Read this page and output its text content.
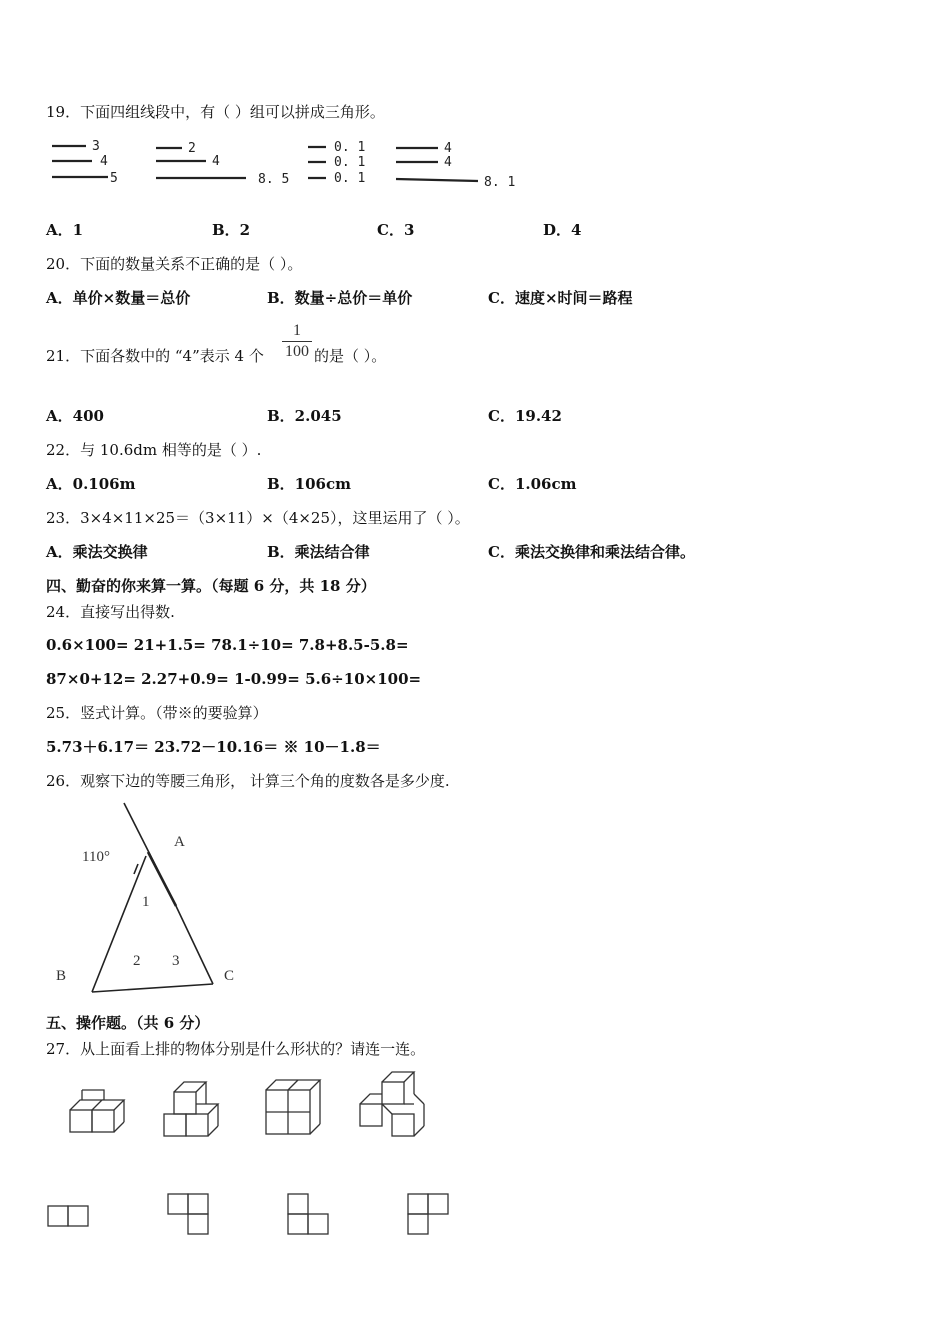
19．下面四组线段中，有（ ）组可以拼成三角形。
3
4
5
2
4
8. 5
0. 1
0. 1
0. 1
4
4
8. 1
A．1	B．2	C．3	D．4
20．下面的数量关系不正确的是（ ）。
A．单价×数量＝总价	B．数量÷总价＝单价	C．速度×时间＝路程
21．下面各数中的 “4”表示 4 个
1
100 的是（ ）。
A．400	B．2.045	C．19.42
22．与 10.6dm 相等的是（ ）.
A．0.106m	B．106cm	C．1.06cm
23．3×4×11×25＝（3×11）×（4×25），这里运用了（ ）。
A．乘法交换律	B．乘法结合律	C．乘法交换律和乘法结合律。
四、勤奋的你来算一算。（每题 6 分，共 18 分）
24．直接写出得数.
0.6×100= 21+1.5= 78.1÷10= 7.8+8.5-5.8=
87×0+12= 2.27+0.9= 1-0.99= 5.6÷10×100=
25．竖式计算。（带※的要验算）
5.73＋6.17＝ 23.72－10.16＝ ※ 10－1.8＝
26．观察下边的等腰三角形， 计算三个角的度数各是多少度.
110°
A
B	C
1
2 3
五、操作题。（共 6 分）
27．从上面看上排的物体分别是什么形状的？请连一连。
